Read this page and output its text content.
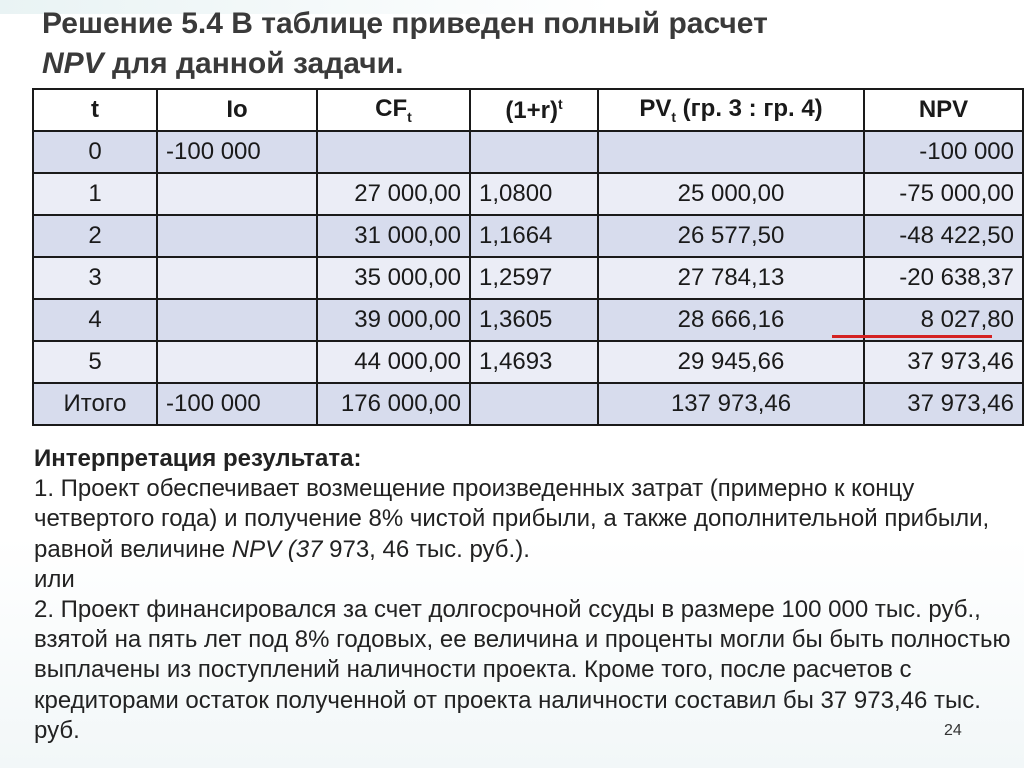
Решение 5.4 В таблице приведен полный расчет
NPV для данной задачи.
t	Io	$CF_t$	$(1+r)^t$	$PV_t$ (гр. 3 : гр. 4)	NPV
0	-100 000				-100 000
1		27 000,00	1,0800	25 000,00	-75 000,00
2		31 000,00	1,1664	26 577,50	-48 422,50
3		35 000,00	1,2597	27 784,13	-20 638,37
4		39 000,00	1,3605	28 666,16	8 027,80
5		44 000,00	1,4693	29 945,66	37 973,46
Итого	-100 000	176 000,00		137 973,46	37 973,46
Интерпретация результата:
1. Проект обеспечивает возмещение произведенных затрат (примерно к концу четвертого года) и получение 8% чистой прибыли, а также дополнительной прибыли, равной величине NPV (37 973, 46 тыс. руб.).
или
2. Проект финансировался за счет долгосрочной ссуды в размере 100 000 тыс. руб., взятой на пять лет под 8% годовых, ее величина и проценты могли бы быть полностью выплачены из поступлений наличности проекта. Кроме того, после расчетов с кредиторами остаток полученной от проекта наличности составил бы 37 973,46 тыс. руб.	24
